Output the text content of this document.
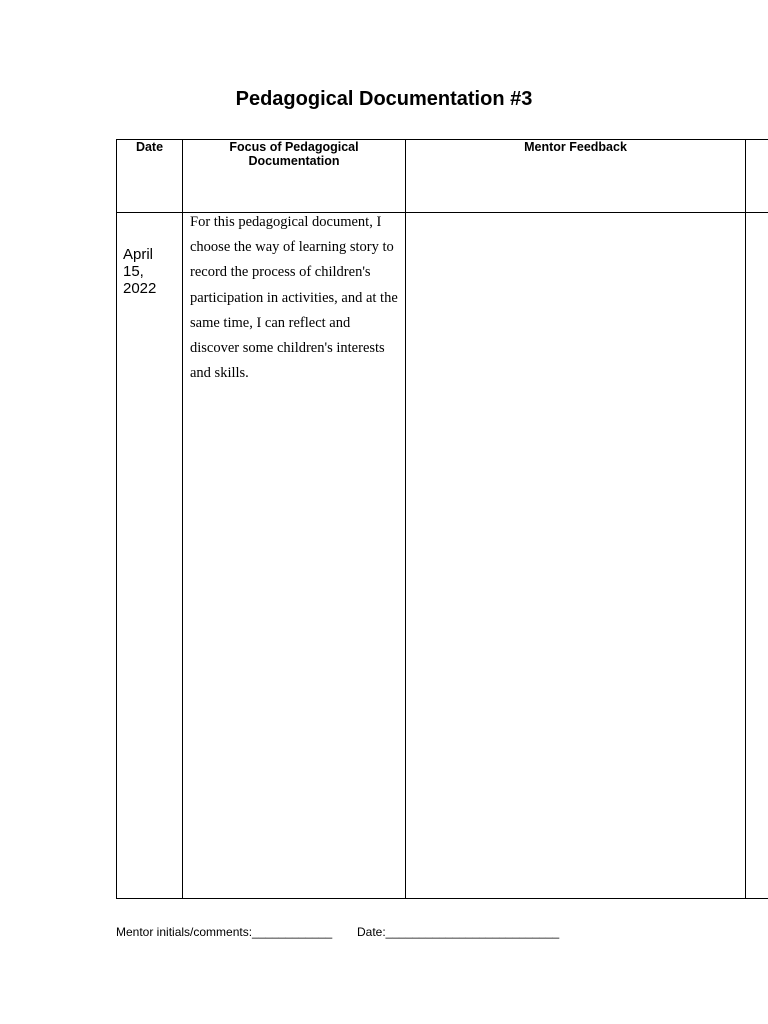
Pedagogical Documentation #3
Date	Focus of Pedagogical Documentation
Mentor Feedback
April 15, 2022
For this pedagogical document, I choose the way of learning story to record the process of children's participation in activities, and at the same time, I can reflect and discover some children's interests and skills.
Mentor initials/comments:____________ Date:__________________________
